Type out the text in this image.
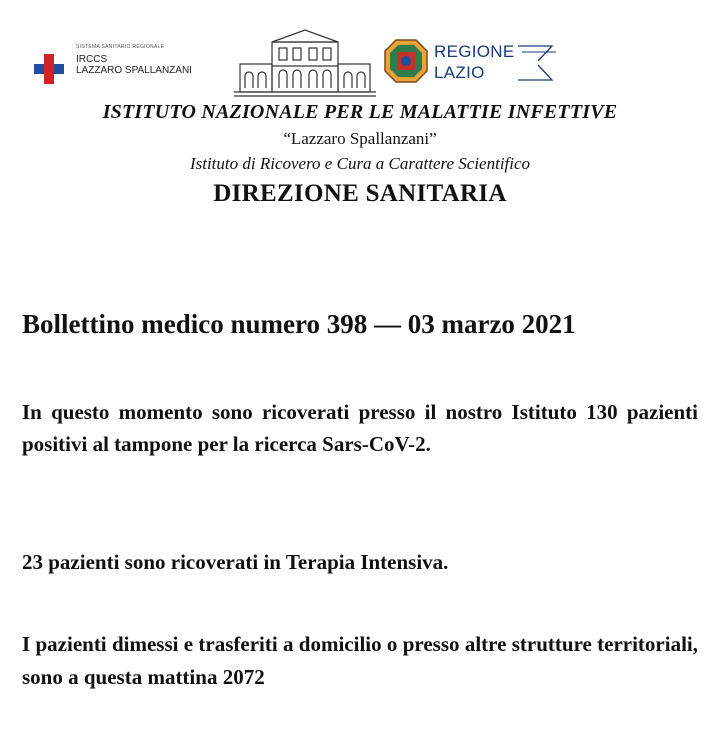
SISTEMA SANITARIO REGIONALE
IRCCS
LAZZARO SPALLANZANI
REGIONE
LAZIO
ISTITUTO NAZIONALE PER LE MALATTIE INFETTIVE
“Lazzaro Spallanzani”
Istituto di Ricovero e Cura a Carattere Scientifico
DIREZIONE SANITARIA
Bollettino medico numero 398 — 03 marzo 2021
In questo momento sono ricoverati presso il nostro Istituto 130 pazienti positivi al tampone per la ricerca Sars-CoV-2.
23 pazienti sono ricoverati in Terapia Intensiva.
I pazienti dimessi e trasferiti a domicilio o presso altre strutture territoriali, sono a questa mattina 2072
